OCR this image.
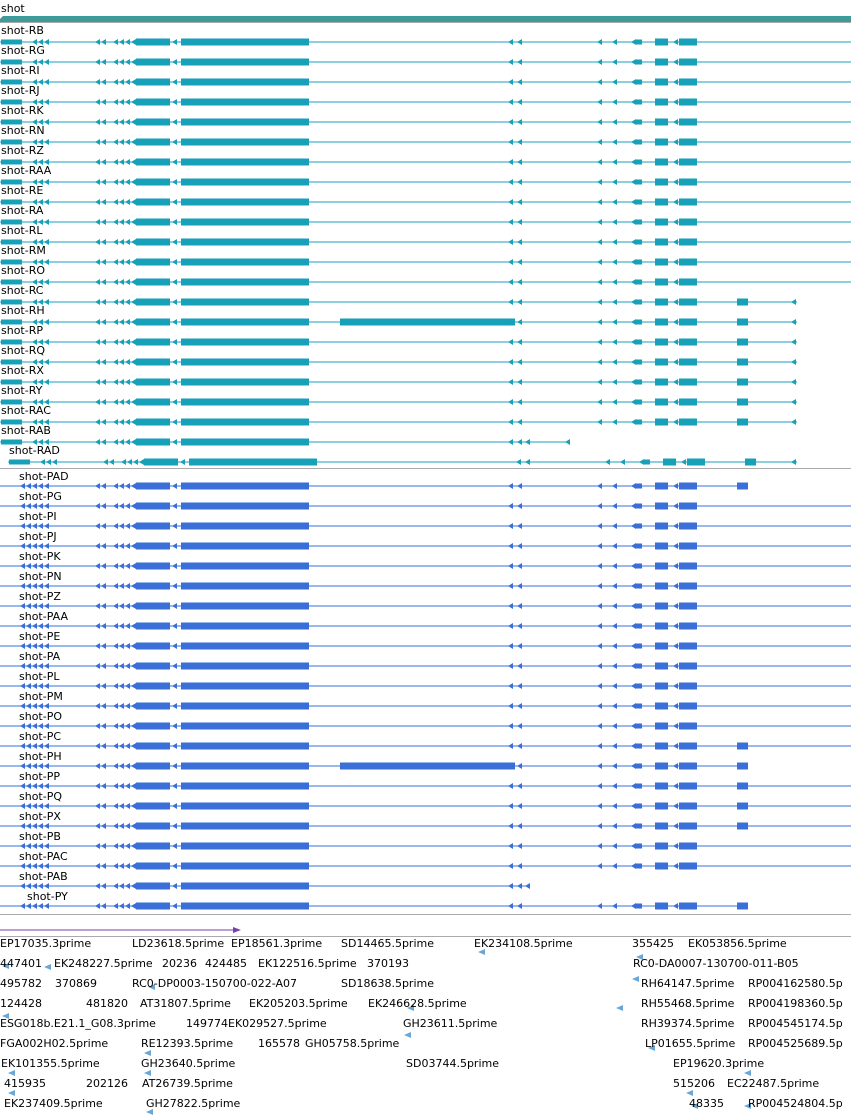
shot
shot-RB
shot-RG
shot-RI
shot-RJ
shot-RK
shot-RN
shot-RZ
shot-RAA
shot-RE
shot-RA
shot-RL
shot-RM
shot-RO
shot-RC
shot-RH
shot-RP
shot-RQ
shot-RX
shot-RY
shot-RAC
shot-RAB
shot-RAD
shot-PAD
shot-PG
shot-PI
shot-PJ
shot-PK
shot-PN
shot-PZ
shot-PAA
shot-PE
shot-PA
shot-PL
shot-PM
shot-PO
shot-PC
shot-PH
shot-PP
shot-PQ
shot-PX
shot-PB
shot-PAC
shot-PAB
shot-PY
EP17035.3prime	LD23618.5prime EP18561.3prime SD14465.5prime	EK234108.5prime	355425 EK053856.5prime
447401 EK248227.5prime 20236 424485 EK122516.5prime 370193	RC0-DA0007-130700-011-B05
495782 370869	RC0-DP0003-150700-022-A07	SD18638.5prime	RH64147.5prime RP004162580.5p
124428	481820 AT31807.5prime EK205203.5prime EK246628.5prime	RH55468.5prime RP004198360.5p
ESG018b.E21.1_G08.3prime	149774 EK029527.5prime	GH23611.5prime	RH39374.5prime RP004545174.5p
FGA002H02.5prime	RE12393.5prime 165578 GH05758.5prime	LP01655.5prime RP004525689.5p
EK101355.5prime	GH23640.5prime	SD03744.5prime	EP19620.3prime
415935	202126 AT26739.5prime	515206 EC22487.5prime
EK237409.5prime	GH27822.5prime	48335 RP004524804.5p
